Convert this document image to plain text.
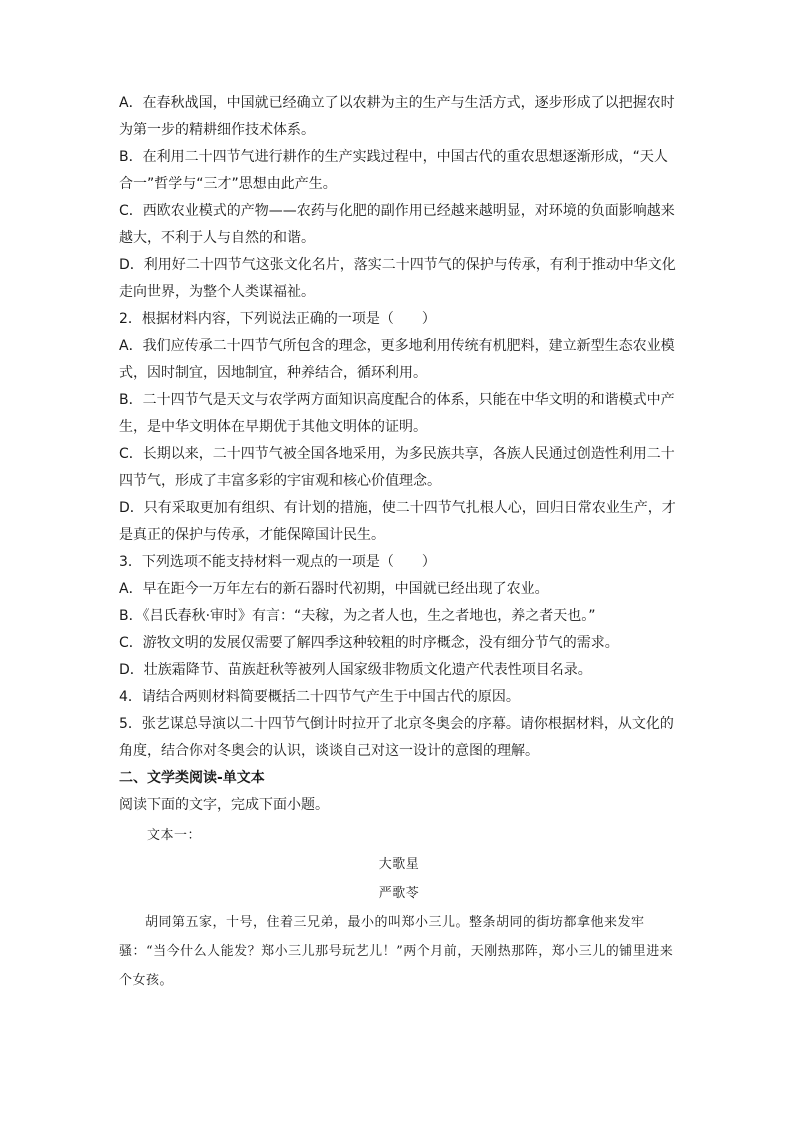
A．在春秋战国，中国就已经确立了以农耕为主的生产与生活方式，逐步形成了以把握农时为第一步的精耕细作技术体系。

B．在利用二十四节气进行耕作的生产实践过程中，中国古代的重农思想逐渐形成，“天人合一”哲学与“三才”思想由此产生。

C．西欧农业模式的产物——农药与化肥的副作用已经越来越明显，对环境的负面影响越来越大，不利于人与自然的和谐。

D．利用好二十四节气这张文化名片，落实二十四节气的保护与传承，有利于推动中华文化走向世界，为整个人类谋福祉。

2．根据材料内容，下列说法正确的一项是（　　）

A．我们应传承二十四节气所包含的理念，更多地利用传统有机肥料，建立新型生态农业模式，因时制宜，因地制宜，种养结合，循环利用。

B．二十四节气是天文与农学两方面知识高度配合的体系，只能在中华文明的和谐模式中产生，是中华文明体在早期优于其他文明体的证明。

C．长期以来，二十四节气被全国各地采用，为多民族共享，各族人民通过创造性利用二十四节气，形成了丰富多彩的宇宙观和核心价值理念。

D．只有采取更加有组织、有计划的措施，使二十四节气扎根人心，回归日常农业生产，才是真正的保护与传承，才能保障国计民生。

3．下列选项不能支持材料一观点的一项是（　　）

A．早在距今一万年左右的新石器时代初期，中国就已经出现了农业。

B．《吕氏春秋·审时》有言：“夫稼，为之者人也，生之者地也，养之者天也。”

C．游牧文明的发展仅需要了解四季这种较粗的时序概念，没有细分节气的需求。

D．壮族霜降节、苗族赶秋等被列人国家级非物质文化遗产代表性项目名录。

4．请结合两则材料简要概括二十四节气产生于中国古代的原因。

5．张艺谋总导演以二十四节气倒计时拉开了北京冬奥会的序幕。请你根据材料，从文化的角度，结合你对冬奥会的认识，谈谈自己对这一设计的意图的理解。

二、文学类阅读-单文本

阅读下面的文字，完成下面小题。

文本一：

大歌星

严歌苓

胡同第五家，十号，住着三兄弟，最小的叫郑小三儿。整条胡同的街坊都拿他来发牢骚：“当今什么人能发？郑小三儿那号玩艺儿！”两个月前，天刚热那阵，郑小三儿的铺里进来个女孩。
